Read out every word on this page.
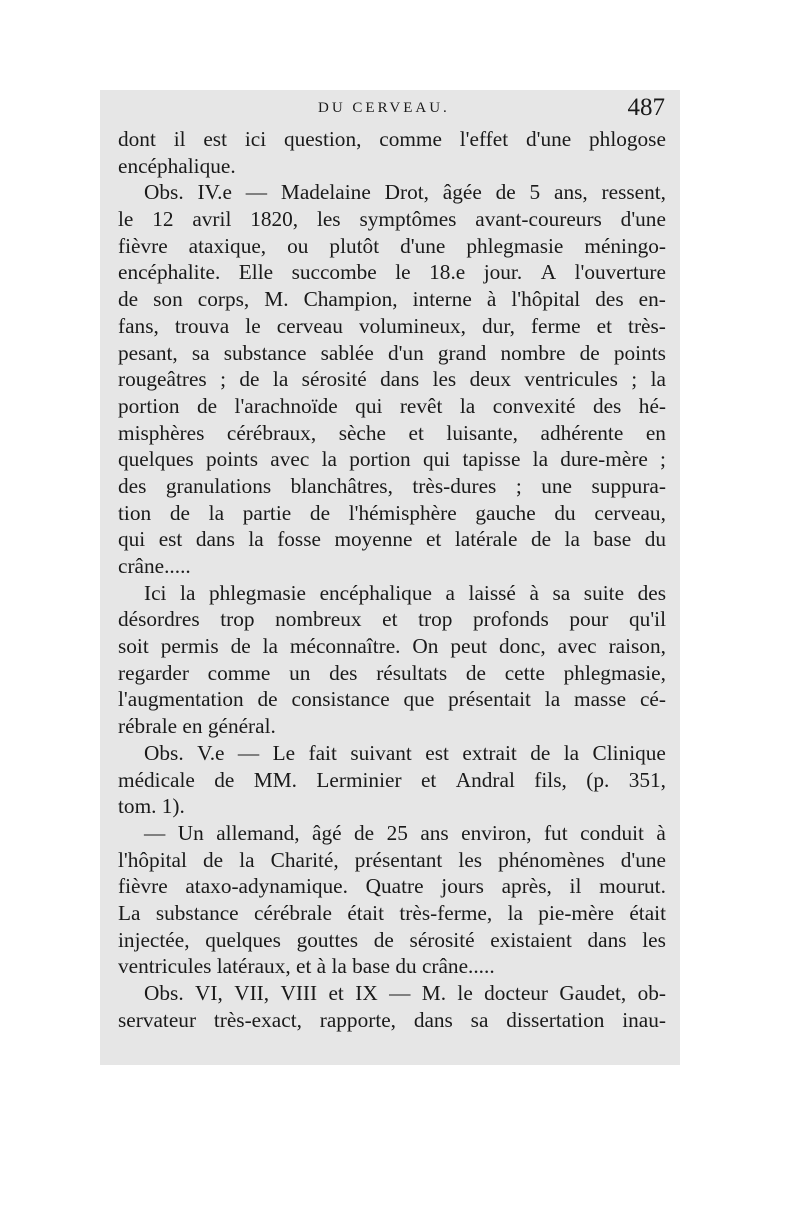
DU CERVEAU.	487
dont il est ici question, comme l'effet d'une phlogose
encéphalique.
Obs. IV.e — Madelaine Drot, âgée de 5 ans, ressent,
le 12 avril 1820, les symptômes avant-coureurs d'une
fièvre ataxique, ou plutôt d'une phlegmasie méningo-
encéphalite. Elle succombe le 18.e jour. A l'ouverture
de son corps, M. Champion, interne à l'hôpital des en-
fans, trouva le cerveau volumineux, dur, ferme et très-
pesant, sa substance sablée d'un grand nombre de points
rougeâtres ; de la sérosité dans les deux ventricules ; la
portion de l'arachnoïde qui revêt la convexité des hé-
misphères cérébraux, sèche et luisante, adhérente en
quelques points avec la portion qui tapisse la dure-mère ;
des granulations blanchâtres, très-dures ; une suppura-
tion de la partie de l'hémisphère gauche du cerveau,
qui est dans la fosse moyenne et latérale de la base du
crâne.....
Ici la phlegmasie encéphalique a laissé à sa suite des
désordres trop nombreux et trop profonds pour qu'il
soit permis de la méconnaître. On peut donc, avec raison,
regarder comme un des résultats de cette phlegmasie,
l'augmentation de consistance que présentait la masse cé-
rébrale en général.
Obs. V.e — Le fait suivant est extrait de la Clinique
médicale de MM. Lerminier et Andral fils, (p. 351,
tom. 1).
— Un allemand, âgé de 25 ans environ, fut conduit à
l'hôpital de la Charité, présentant les phénomènes d'une
fièvre ataxo-adynamique. Quatre jours après, il mourut.
La substance cérébrale était très-ferme, la pie-mère était
injectée, quelques gouttes de sérosité existaient dans les
ventricules latéraux, et à la base du crâne.....
Obs. VI, VII, VIII et IX — M. le docteur Gaudet, ob-
servateur très-exact, rapporte, dans sa dissertation inau-
